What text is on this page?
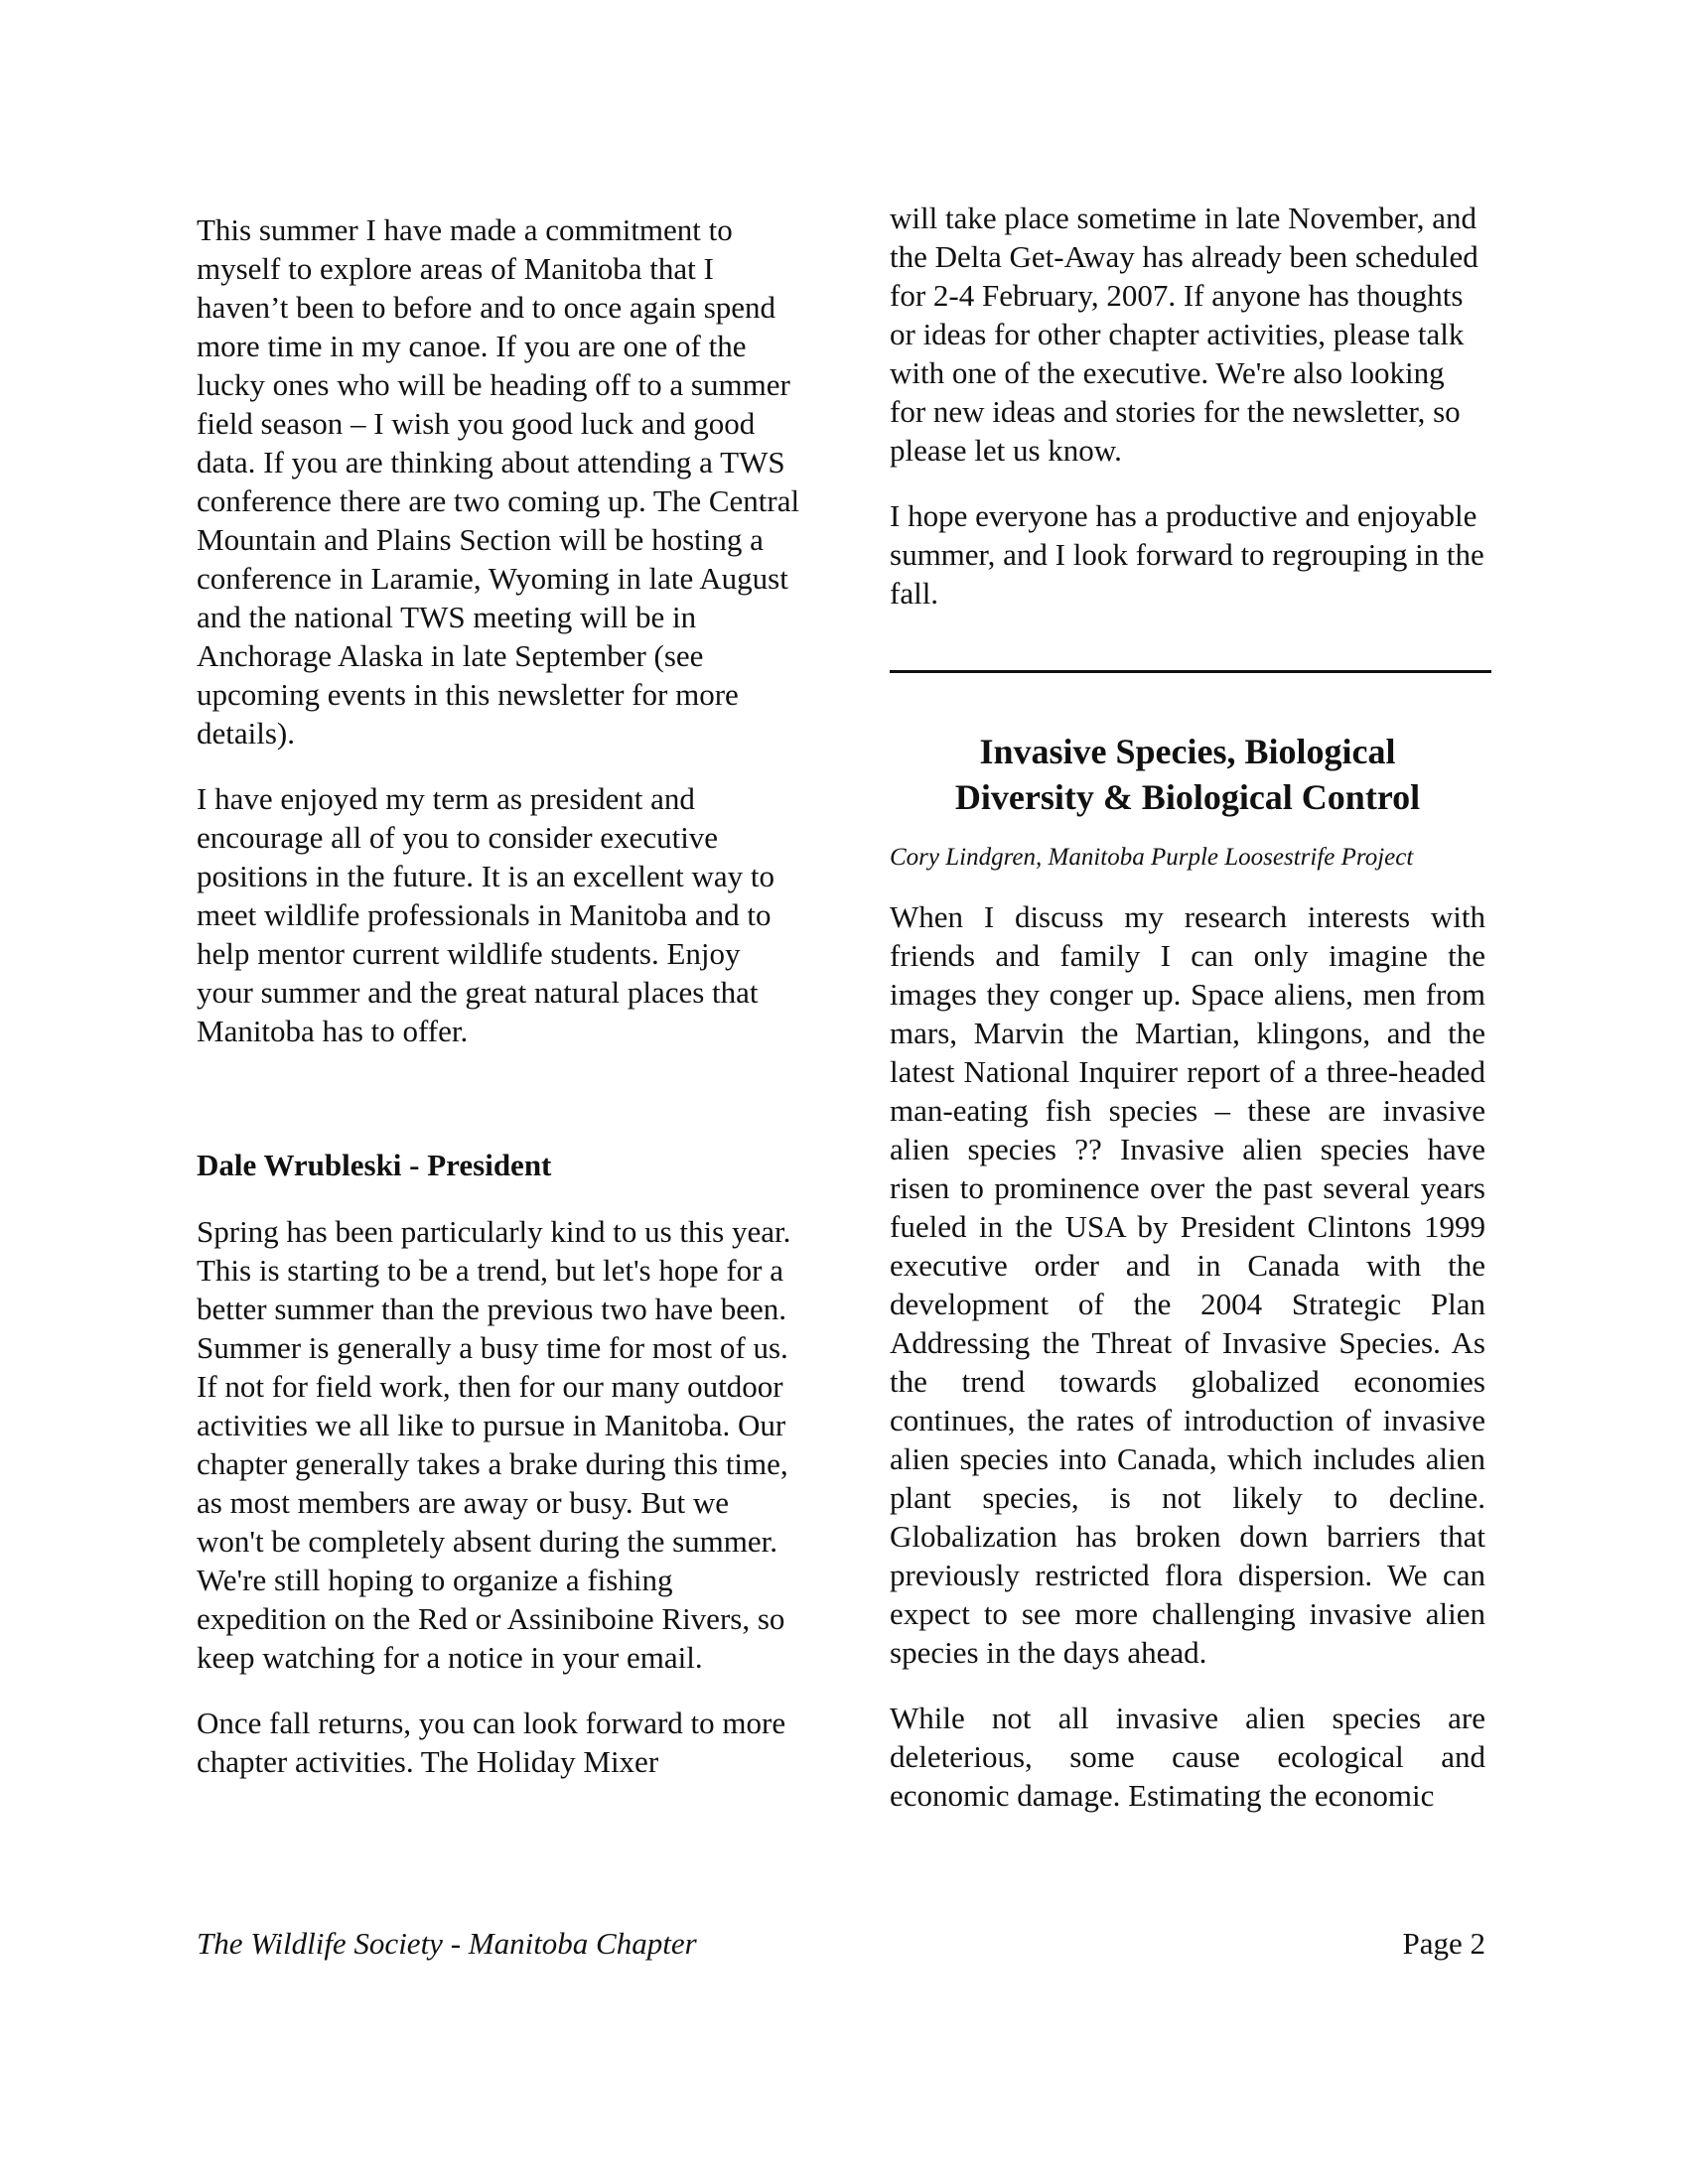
This summer I have made a commitment to myself to explore areas of Manitoba that I haven’t been to before and to once again spend more time in my canoe. If you are one of the lucky ones who will be heading off to a summer field season – I wish you good luck and good data. If you are thinking about attending a TWS conference there are two coming up. The Central Mountain and Plains Section will be hosting a conference in Laramie, Wyoming in late August and the national TWS meeting will be in Anchorage Alaska in late September (see upcoming events in this newsletter for more details).

I have enjoyed my term as president and encourage all of you to consider executive positions in the future. It is an excellent way to meet wildlife professionals in Manitoba and to help mentor current wildlife students. Enjoy your summer and the great natural places that Manitoba has to offer.

Dale Wrubleski - President

Spring has been particularly kind to us this year. This is starting to be a trend, but let's hope for a better summer than the previous two have been. Summer is generally a busy time for most of us. If not for field work, then for our many outdoor activities we all like to pursue in Manitoba. Our chapter generally takes a brake during this time, as most members are away or busy. But we won't be completely absent during the summer. We're still hoping to organize a fishing expedition on the Red or Assiniboine Rivers, so keep watching for a notice in your email.

Once fall returns, you can look forward to more chapter activities. The Holiday Mixer

will take place sometime in late November, and the Delta Get-Away has already been scheduled for 2-4 February, 2007. If anyone has thoughts or ideas for other chapter activities, please talk with one of the executive. We're also looking for new ideas and stories for the newsletter, so please let us know.

I hope everyone has a productive and enjoyable summer, and I look forward to regrouping in the fall.

Invasive Species, Biological
Diversity & Biological Control

Cory Lindgren, Manitoba Purple Loosestrife Project

When I discuss my research interests with friends and family I can only imagine the images they conger up. Space aliens, men from mars, Marvin the Martian, klingons, and the latest National Inquirer report of a three-headed man-eating fish species – these are invasive alien species ?? Invasive alien species have risen to prominence over the past several years fueled in the USA by President Clintons 1999 executive order and in Canada with the development of the 2004 Strategic Plan Addressing the Threat of Invasive Species. As the trend towards globalized economies continues, the rates of introduction of invasive alien species into Canada, which includes alien plant species, is not likely to decline. Globalization has broken down barriers that previously restricted flora dispersion. We can expect to see more challenging invasive alien species in the days ahead.

While not all invasive alien species are deleterious, some cause ecological and economic damage. Estimating the economic

The Wildlife Society - Manitoba Chapter	Page 2
